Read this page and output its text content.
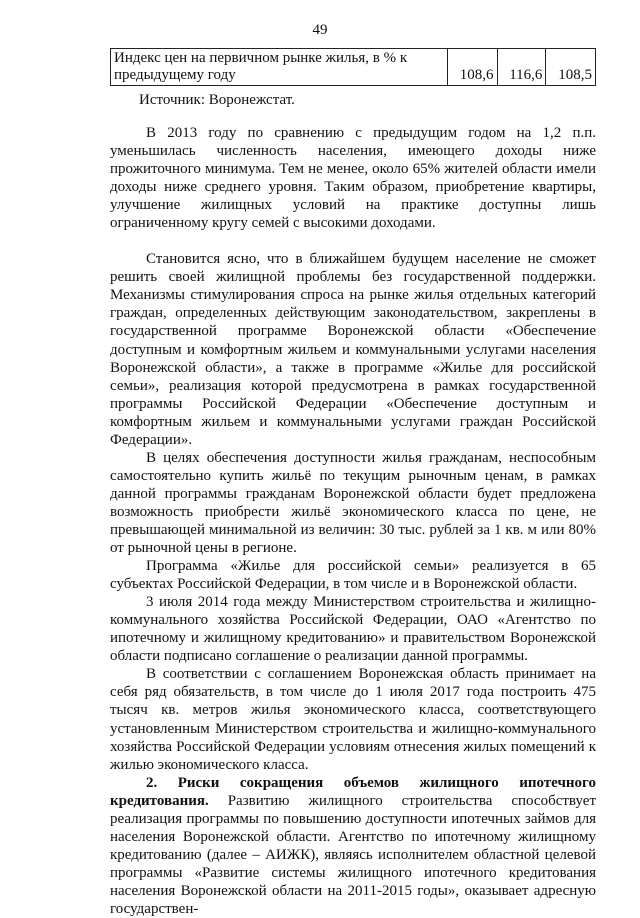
49
Индекс цен на первичном рынке жилья, в % к предыдущему году	108,6	116,6	108,5
Источник: Воронежстат.

В 2013 году по сравнению с предыдущим годом на 1,2 п.п. уменьшилась численность населения, имеющего доходы ниже прожиточного минимума. Тем не менее, около 65% жителей области имели доходы ниже среднего уровня. Таким образом, приобретение квартиры, улучшение жилищных условий на практике доступны лишь ограниченному кругу семей с высокими доходами.

Становится ясно, что в ближайшем будущем население не сможет решить своей жилищной проблемы без государственной поддержки. Механизмы стимулирования спроса на рынке жилья отдельных категорий граждан, определенных действующим законодательством, закреплены в государственной программе Воронежской области «Обеспечение доступным и комфортным жильем и коммунальными услугами населения Воронежской области», а также в программе «Жилье для российской семьи», реализация которой предусмотрена в рамках государственной программы Российской Федерации «Обеспечение доступным и комфортным жильем и коммунальными услугами граждан Российской Федерации».

В целях обеспечения доступности жилья гражданам, неспособным самостоятельно купить жильё по текущим рыночным ценам, в рамках данной программы гражданам Воронежской области будет предложена возможность приобрести жильё экономического класса по цене, не превышающей минимальной из величин: 30 тыс. рублей за 1 кв. м или 80% от рыночной цены в регионе.

Программа «Жилье для российской семьи» реализуется в 65 субъектах Российской Федерации, в том числе и в Воронежской области.

3 июля 2014 года между Министерством строительства и жилищно-коммунального хозяйства Российской Федерации, ОАО «Агентство по ипотечному и жилищному кредитованию» и правительством Воронежской области подписано соглашение о реализации данной программы.

В соответствии с соглашением Воронежская область принимает на себя ряд обязательств, в том числе до 1 июля 2017 года построить 475 тысяч кв. метров жилья экономического класса, соответствующего установленным Министерством строительства и жилищно-коммунального хозяйства Российской Федерации условиям отнесения жилых помещений к жилью экономического класса.

2. Риски сокращения объемов жилищного ипотечного кредитования. Развитию жилищного строительства способствует реализация программы по повышению доступности ипотечных займов для населения Воронежской области. Агентство по ипотечному жилищному кредитованию (далее – АИЖК), являясь исполнителем областной целевой программы «Развитие системы жилищного ипотечного кредитования населения Воронежской области на 2011-2015 годы», оказывает адресную государствен-
